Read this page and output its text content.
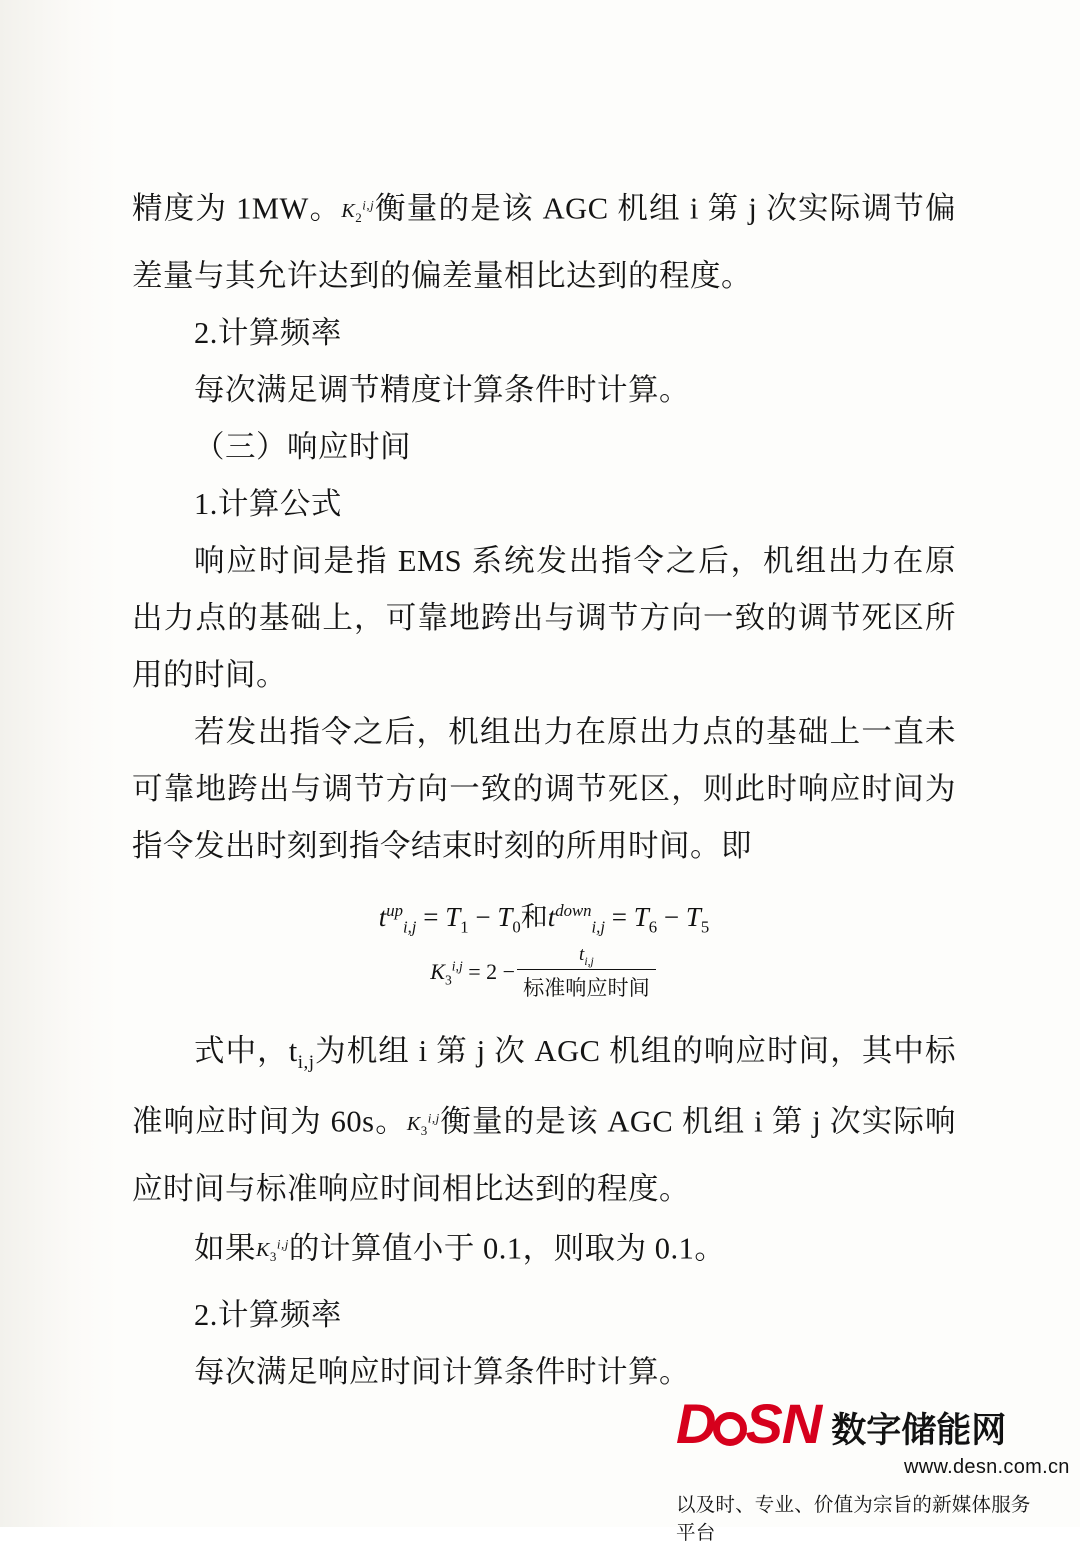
精度为 1MW。$K_2^{i,j}$衡量的是该 AGC 机组 i 第 j 次实际调节偏差量与其允许达到的偏差量相比达到的程度。

2.计算频率

每次满足调节精度计算条件时计算。

（三）响应时间

1.计算公式

响应时间是指 EMS 系统发出指令之后，机组出力在原出力点的基础上，可靠地跨出与调节方向一致的调节死区所用的时间。

若发出指令之后，机组出力在原出力点的基础上一直未可靠地跨出与调节方向一致的调节死区，则此时响应时间为指令发出时刻到指令结束时刻的所用时间。即

$t^{up}_{i,j} = T_1 - T_0$和$t^{down}_{i,j} = T_6 - T_5$
$K_3^{i,j} = 2 - \frac{t_{i,j}}{\text{标准响应时间}}$

式中，$t_{i,j}$为机组 i 第 j 次 AGC 机组的响应时间，其中标准响应时间为 60s。$K_3^{i,j}$衡量的是该 AGC 机组 i 第 j 次实际响应时间与标准响应时间相比达到的程度。

如果$K_3^{i,j}$的计算值小于 0.1，则取为 0.1。

2.计算频率

每次满足响应时间计算条件时计算。

D SN 数字储能网
www.desn.com.cn
以及时、专业、价值为宗旨的新媒体服务平台
